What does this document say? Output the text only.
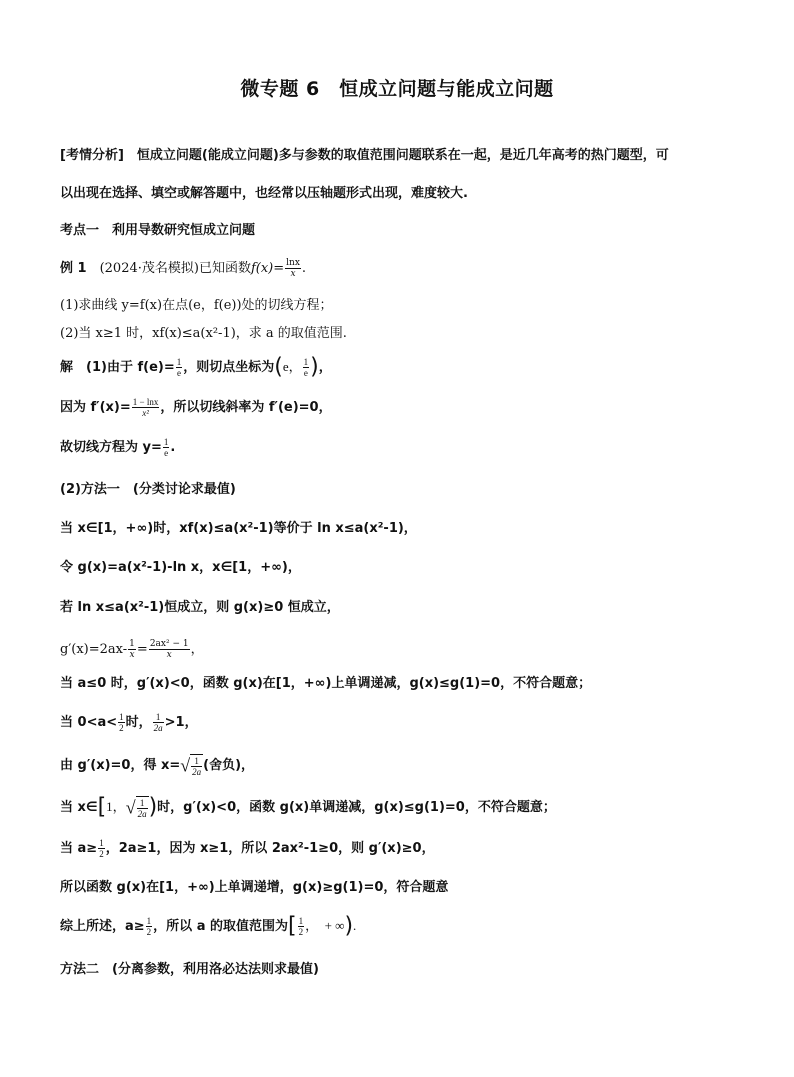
微专题 6　恒成立问题与能成立问题
[考情分析]　恒成立问题(能成立问题)多与参数的取值范围问题联系在一起，是近几年高考的热门题型，可
以出现在选择、填空或解答题中，也经常以压轴题形式出现，难度较大.
考点一　利用导数研究恒成立问题
例 1　(2024·茂名模拟)已知函数$f(x)= \frac{\ln x}{x}$ .
(1)求曲线 y=f(x)在点(e，f(e))处的切线方程；
(2)当 x≥1 时，xf(x)≤a(x²-1)，求 a 的取值范围.
解　(1)由于 $f(e)= \frac{1}{e}$ ，则切点坐标为(e， $\frac{1}{e}$ )，
因为 $f'(x)= \frac{1 - \ln x}{\text{x²}}$ ，所以切线斜率为 f′(e)=0，
故切线方程为 $y= \frac{1}{e}$ .
(2)方法一　(分类讨论求最值)
当 x∈[1，+∞)时，xf(x)≤a(x²-1)等价于 ln x≤a(x²-1)，
令 g(x)=a(x²-1)-ln x，x∈[1，+∞)，
若 ln x≤a(x²-1)恒成立，则 g(x)≥0 恒成立，
$g'(x)=2ax- \frac{1}{x} = \frac{\text{2ax² − 1}}{x}$ ，
当 a≤0 时，g′(x)<0，函数 g(x)在[1，+∞)上单调递减，g(x)≤g(1)=0，不符合题意；
当 $0<a< \frac{1}{2}$ 时， $\frac{1}{2a} >1$，
由 g′(x)=0，得 $x=√ \frac{1}{2a}$ (舍负)，
当 x∈[1，√ $\frac{1}{2a}$ )时，g′(x)<0，函数 g(x)单调递减，g(x)≤g(1)=0，不符合题意；
当 $a\ge \frac{1}{2}$ ，2a≥1，因为 x≥1，所以 2ax²-1≥0，则 g′(x)≥0，
所以函数 g(x)在[1，+∞)上单调递增，g(x)≥g(1)=0，符合题意
综上所述，$a\ge \frac{1}{2}$ ，所以 a 的取值范围为[ $\frac{1}{2}$ ，　+ ∞).
方法二　(分离参数，利用洛必达法则求最值)
